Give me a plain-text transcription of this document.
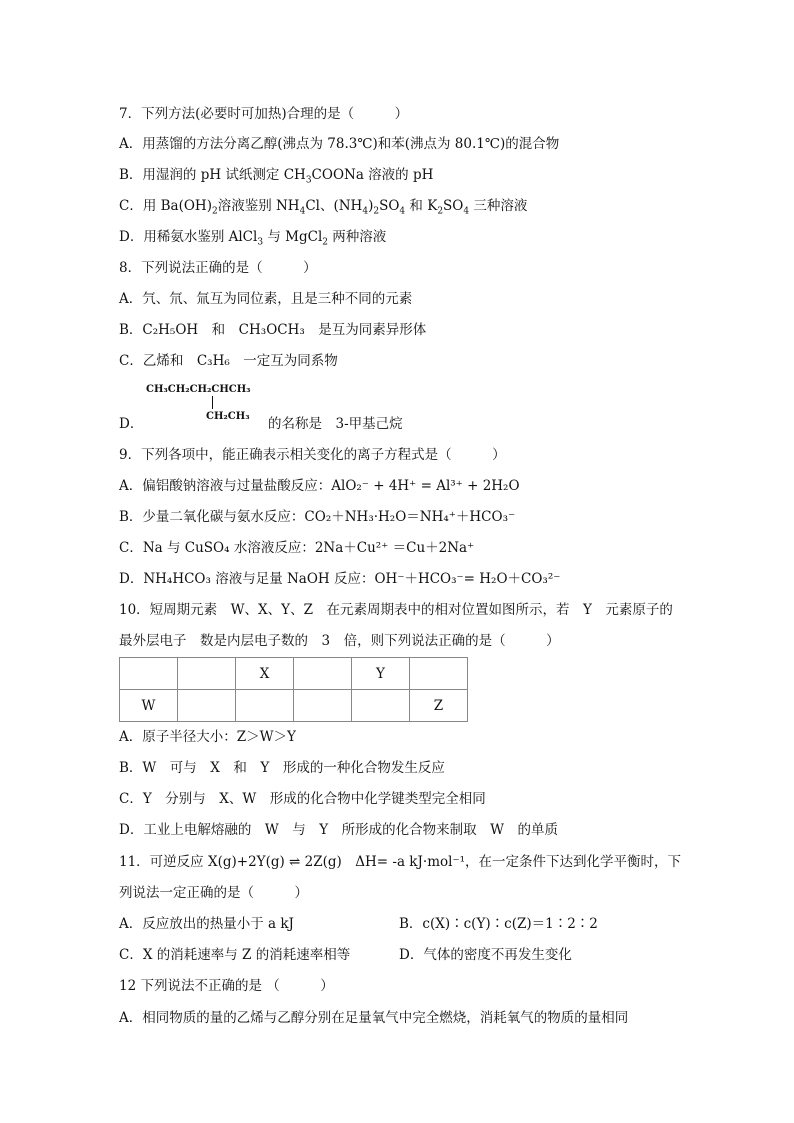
7．下列方法(必要时可加热)合理的是（　　　）
A．用蒸馏的方法分离乙醇(沸点为 78.3℃)和苯(沸点为 80.1℃)的混合物
B．用湿润的 pH 试纸测定 $CH_3COONa$ 溶液的 pH
C．用 $Ba(OH)_2$溶液鉴别 $NH_4Cl$、$(NH_4)_2SO_4$ 和 $K_2SO_4$ 三种溶液
D．用稀氨水鉴别 AlCl$_3$ 与 MgCl$_2$ 两种溶液
8．下列说法正确的是（　　　）
A．氕、氘、氚互为同位素，且是三种不同的元素
B．C₂H₅OH　和　CH₃OCH₃　是互为同素异形体
C．乙烯和　C₃H₆　一定互为同系物
CH₃CH₂CH₂CHCH₃
CH₂CH₃
D．	的名称是　3-甲基己烷
9．下列各项中，能正确表示相关变化的离子方程式是（　　　）
A．偏铝酸钠溶液与过量盐酸反应：AlO₂⁻ + 4H⁺ = Al³⁺ + 2H₂O
B．少量二氧化碳与氨水反应：CO₂＋NH₃·H₂O＝NH₄⁺＋HCO₃⁻
C．Na 与 CuSO₄ 水溶液反应：2Na＋Cu²⁺ ＝Cu＋2Na⁺
D．NH₄HCO₃ 溶液与足量 NaOH 反应：OH⁻＋HCO₃⁻= H₂O＋CO₃²⁻
10．短周期元素　W、X、Y、Z　在元素周期表中的相对位置如图所示，若　Y　元素原子的
最外层电子　数是内层电子数的　3　倍，则下列说法正确的是（　　　）
		X		Y	
W					Z
A．原子半径大小：Z＞W＞Y
B．W　可与　X　和　Y　形成的一种化合物发生反应
C．Y　分别与　X、W　形成的化合物中化学键类型完全相同
D．工业上电解熔融的　W　与　Y　所形成的化合物来制取　W　的单质
11．可逆反应 X(g)+2Y(g) ⇌ 2Z(g)　ΔH= -a kJ·mol⁻¹，在一定条件下达到化学平衡时，下
列说法一定正确的是（　　　）
A．反应放出的热量小于 a kJ	B．c(X)∶c(Y)∶c(Z)＝1∶2∶2
C．X 的消耗速率与 Z 的消耗速率相等	D．气体的密度不再发生变化
12 下列说法不正确的是 （　　　）
A．相同物质的量的乙烯与乙醇分别在足量氧气中完全燃烧，消耗氧气的物质的量相同
